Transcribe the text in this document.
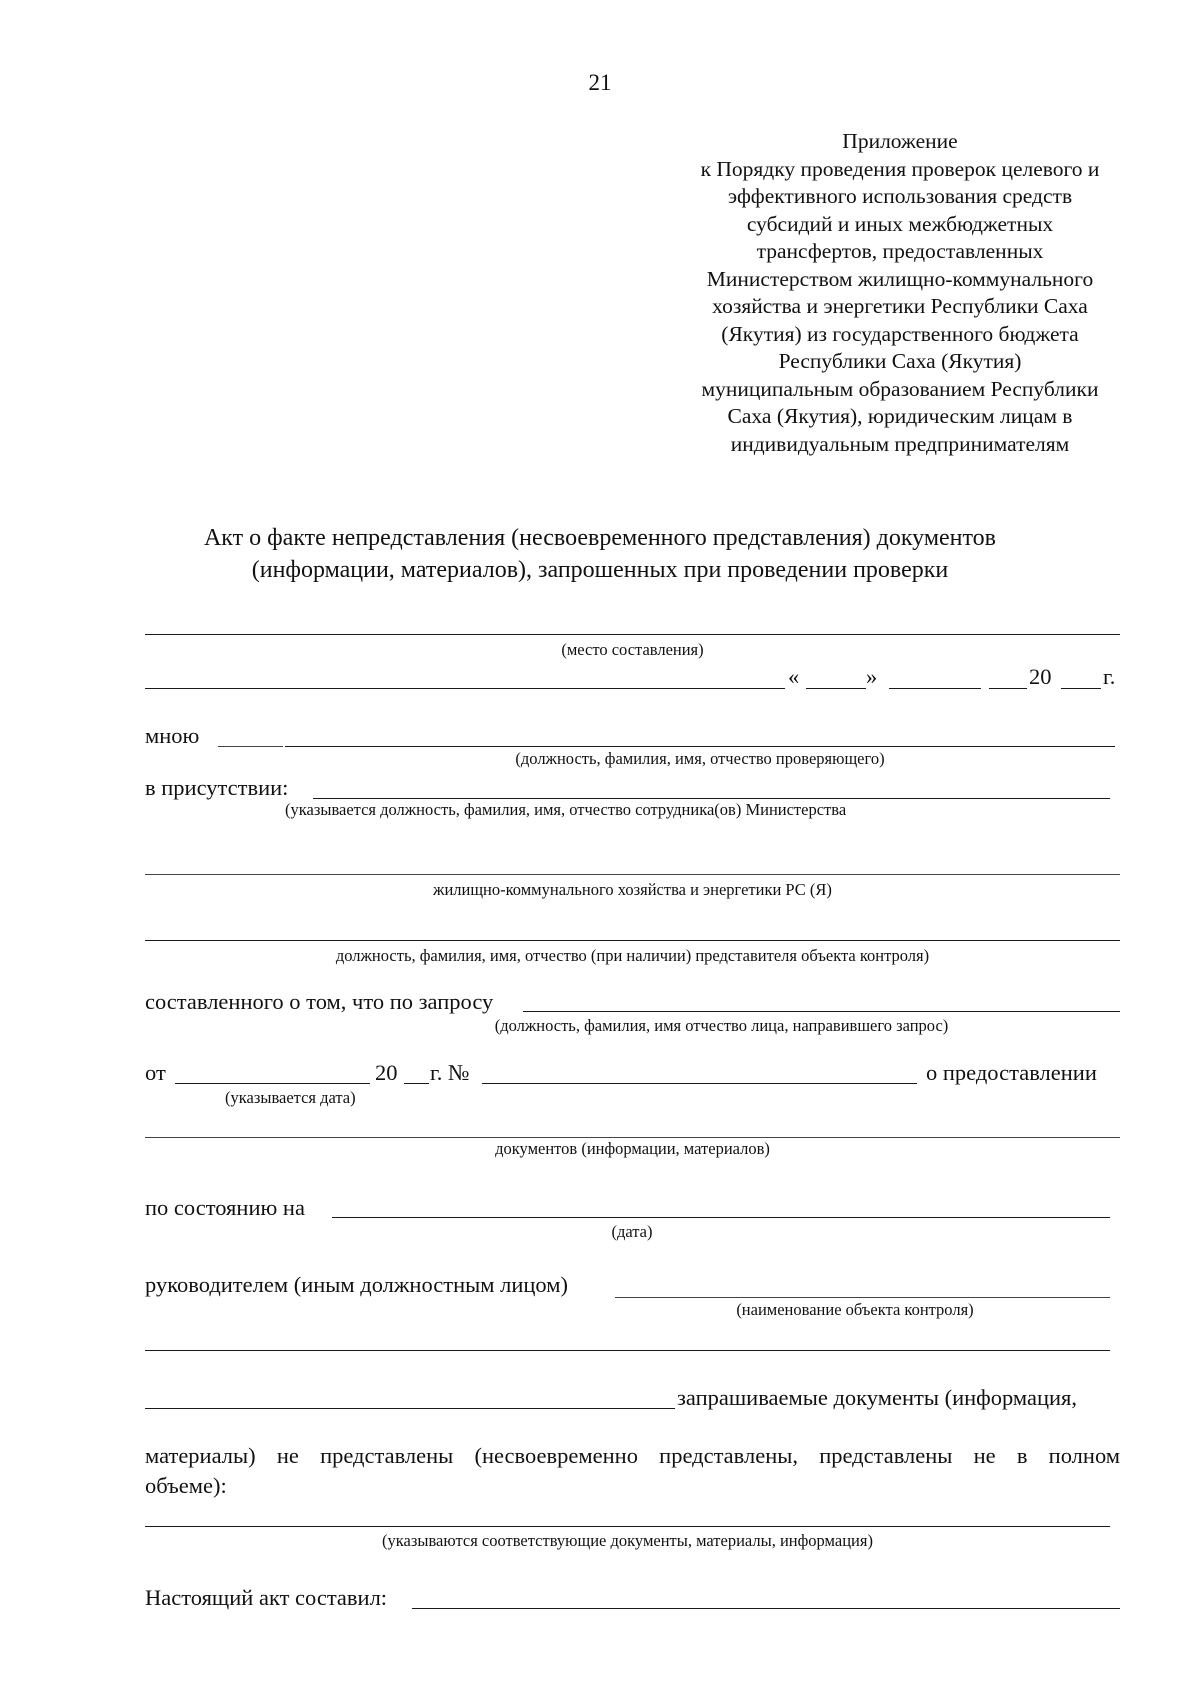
21
Приложение
к Порядку проведения проверок целевого и
эффективного использования средств
субсидий и иных межбюджетных
трансфертов, предоставленных
Министерством жилищно-коммунального
хозяйства и энергетики Республики Саха
(Якутия) из государственного бюджета
Республики Саха (Якутия)
муниципальным образованием Республики
Саха (Якутия), юридическим лицам в
индивидуальным предпринимателям
Акт о факте непредставления (несвоевременного представления) документов
(информации, материалов), запрошенных при проведении проверки
(место составления)
«	»	20 г.
мною
(должность, фамилия, имя, отчество проверяющего)
в присутствии:
(указывается должность, фамилия, имя, отчество сотрудника(ов) Министерства
жилищно-коммунального хозяйства и энергетики РС (Я)
должность, фамилия, имя, отчество (при наличии) представителя объекта контроля)
составленного о том, что по запросу
(должность, фамилия, имя отчество лица, направившего запрос)
от	20 г. №	о предоставлении
(указывается дата)
документов (информации, материалов)
по состоянию на
(дата)
руководителем (иным должностным лицом)
(наименование объекта контроля)
запрашиваемые документы (информация,
материалы) не представлены (несвоевременно представлены, представлены не в полном
объеме):
(указываются соответствующие документы, материалы, информация)
Настоящий акт составил:
